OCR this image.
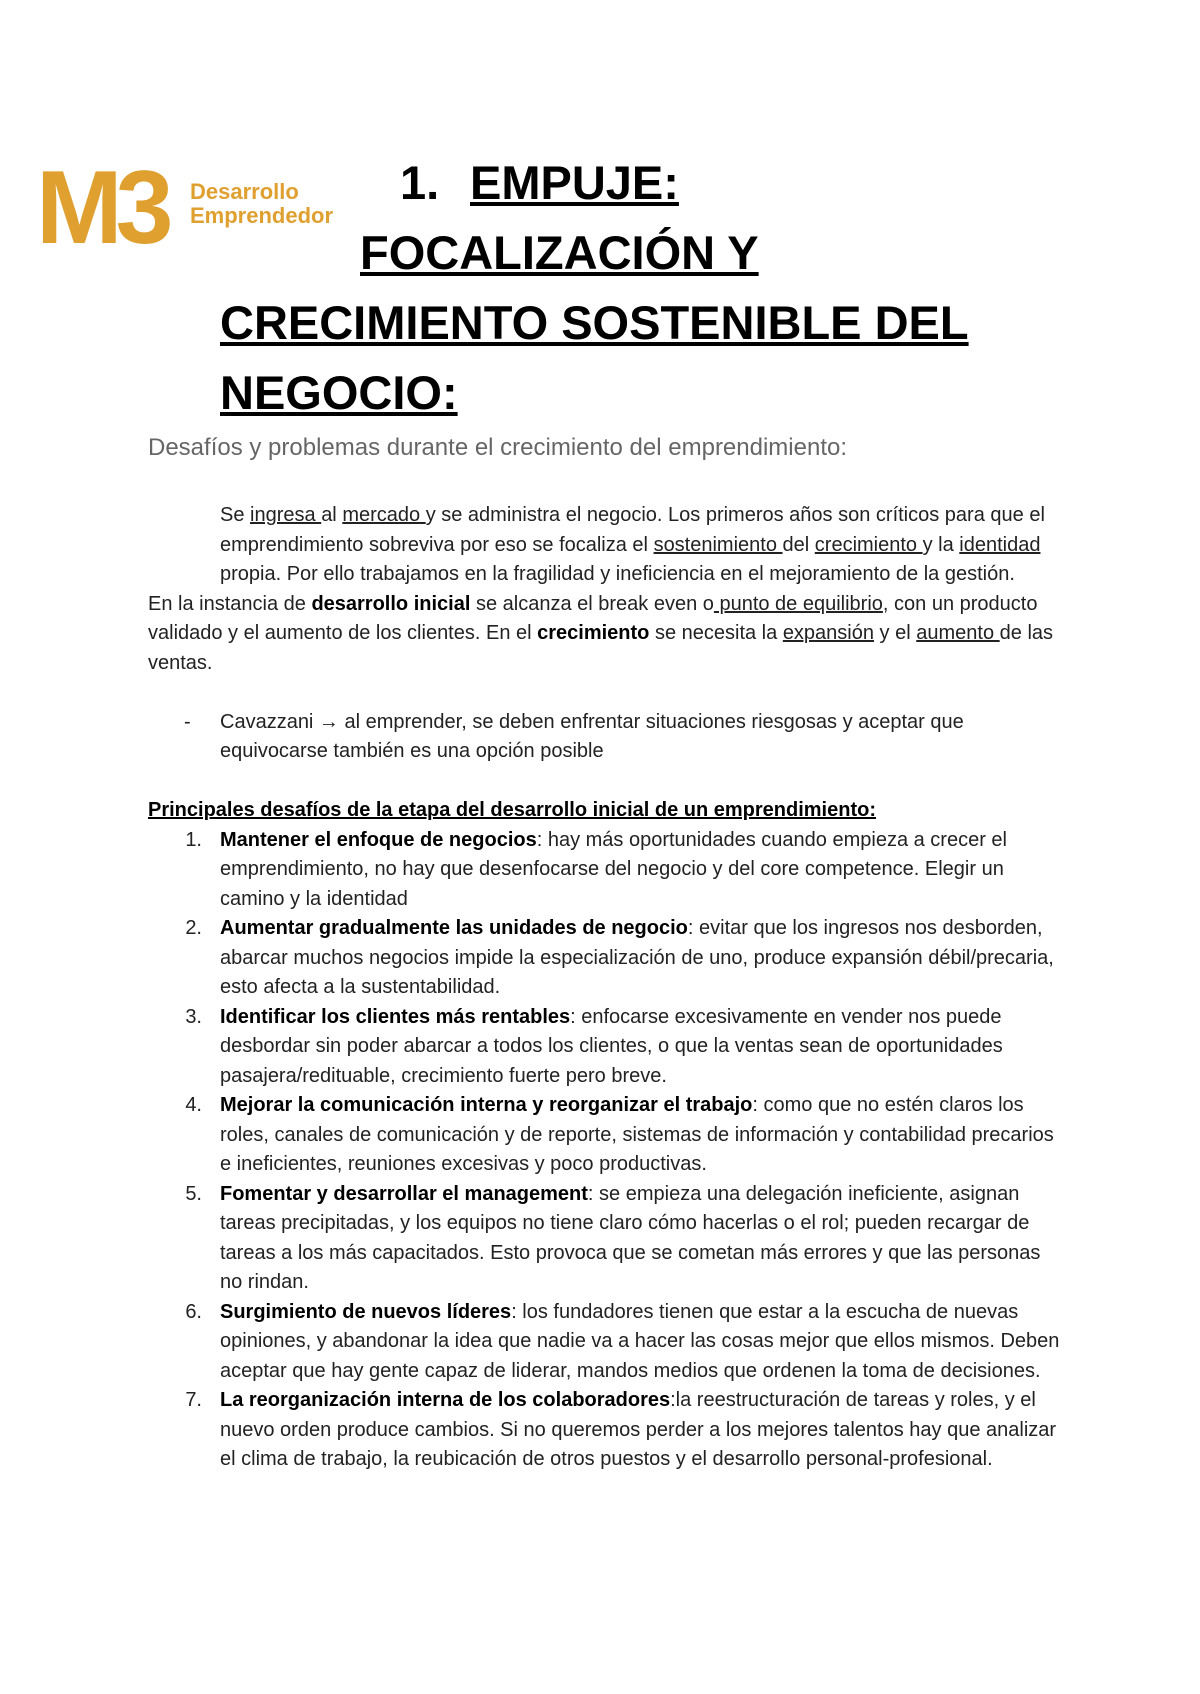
M3 Desarrollo
Emprendedor
1. EMPUJE:
FOCALIZACIÓN Y
CRECIMIENTO SOSTENIBLE DEL
NEGOCIO:
Desafíos y problemas durante el crecimiento del emprendimiento:

Se ingresa al mercado y se administra el negocio. Los primeros años son críticos para que el emprendimiento sobreviva por eso se focaliza el sostenimiento del crecimiento y la identidad propia. Por ello trabajamos en la fragilidad y ineficiencia en el mejoramiento de la gestión.

En la instancia de desarrollo inicial se alcanza el break even o punto de equilibrio, con un producto validado y el aumento de los clientes. En el crecimiento se necesita la expansión y el aumento de las ventas.

-	Cavazzani → al emprender, se deben enfrentar situaciones riesgosas y aceptar que equivocarse también es una opción posible

Principales desafíos de la etapa del desarrollo inicial de un emprendimiento:

1. Mantener el enfoque de negocios: hay más oportunidades cuando empieza a crecer el emprendimiento, no hay que desenfocarse del negocio y del core competence. Elegir un camino y la identidad
2. Aumentar gradualmente las unidades de negocio: evitar que los ingresos nos desborden, abarcar muchos negocios impide la especialización de uno, produce expansión débil/precaria, esto afecta a la sustentabilidad.
3. Identificar los clientes más rentables: enfocarse excesivamente en vender nos puede desbordar sin poder abarcar a todos los clientes, o que la ventas sean de oportunidades pasajera/redituable, crecimiento fuerte pero breve.
4. Mejorar la comunicación interna y reorganizar el trabajo: como que no estén claros los roles, canales de comunicación y de reporte, sistemas de información y contabilidad precarios e ineficientes, reuniones excesivas y poco productivas.
5. Fomentar y desarrollar el management: se empieza una delegación ineficiente, asignan tareas precipitadas, y los equipos no tiene claro cómo hacerlas o el rol; pueden recargar de tareas a los más capacitados. Esto provoca que se cometan más errores y que las personas no rindan.
6. Surgimiento de nuevos líderes: los fundadores tienen que estar a la escucha de nuevas opiniones, y abandonar la idea que nadie va a hacer las cosas mejor que ellos mismos. Deben aceptar que hay gente capaz de liderar, mandos medios que ordenen la toma de decisiones.
7. La reorganización interna de los colaboradores:la reestructuración de tareas y roles, y el nuevo orden produce cambios. Si no queremos perder a los mejores talentos hay que analizar el clima de trabajo, la reubicación de otros puestos y el desarrollo personal-profesional.
